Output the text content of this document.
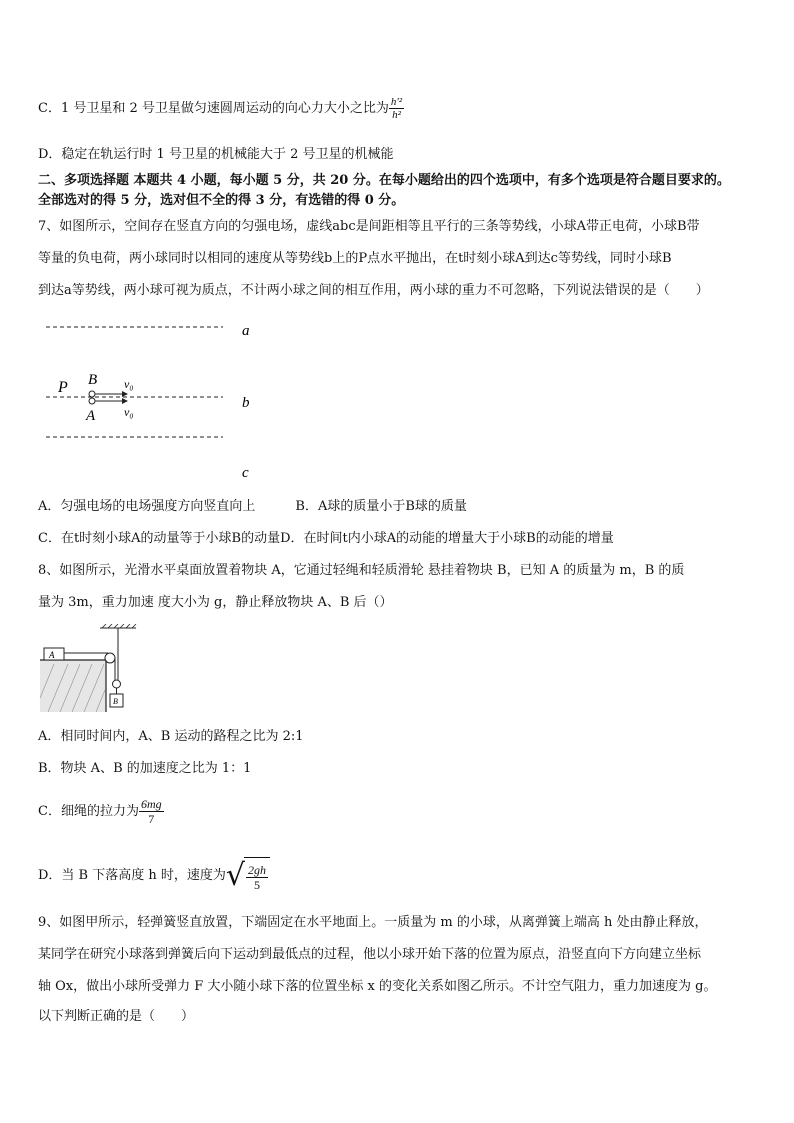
C．1 号卫星和 2 号卫星做匀速圆周运动的向心力大小之比为 $\frac{\text{h'²}}{\text{h²}}$
D．稳定在轨运行时 1 号卫星的机械能大于 2 号卫星的机械能
二、多项选择题 本题共 4 小题，每小题 5 分，共 20 分。在每小题给出的四个选项中，有多个选项是符合题目要求的。
全部选对的得 5 分，选对但不全的得 3 分，有选错的得 0 分。
7、如图所示，空间存在竖直方向的匀强电场，虚线abc是间距相等且平行的三条等势线，小球A带正电荷，小球B带
等量的负电荷，两小球同时以相同的速度从等势线b上的P点水平抛出，在t时刻小球A到达c等势线，同时小球B
到达a等势线，两小球可视为质点，不计两小球之间的相互作用，两小球的重力不可忽略，下列说法错误的是（　　）
a
b
c
P B
A
v₀
v₀
A．匀强电场的电场强度方向竖直向上	B．A球的质量小于B球的质量
C．在t时刻小球A的动量等于小球B的动量D．在时间t内小球A的动能的增量大于小球B的动能的增量
8、如图所示，光滑水平桌面放置着物块 A，它通过轻绳和轻质滑轮 悬挂着物块 B，已知 A 的质量为 m，B 的质
量为 3m，重力加速 度大小为 g，静止释放物块 A、B 后（）
A
B
A．相同时间内，A、B 运动的路程之比为 2:1
B．物块 A、B 的加速度之比为 1：1
C．细绳的拉力为 $\frac{6mg}{7}$
D．当 B 下落高度 h 时，速度为 √ $\frac{2gh}{5}$
9、如图甲所示，轻弹簧竖直放置，下端固定在水平地面上。一质量为 m 的小球，从离弹簧上端高 h 处由静止释放，
某同学在研究小球落到弹簧后向下运动到最低点的过程，他以小球开始下落的位置为原点，沿竖直向下方向建立坐标
轴 Ox，做出小球所受弹力 F 大小随小球下落的位置坐标 x 的变化关系如图乙所示。不计空气阻力，重力加速度为 g。
以下判断正确的是（　　）
